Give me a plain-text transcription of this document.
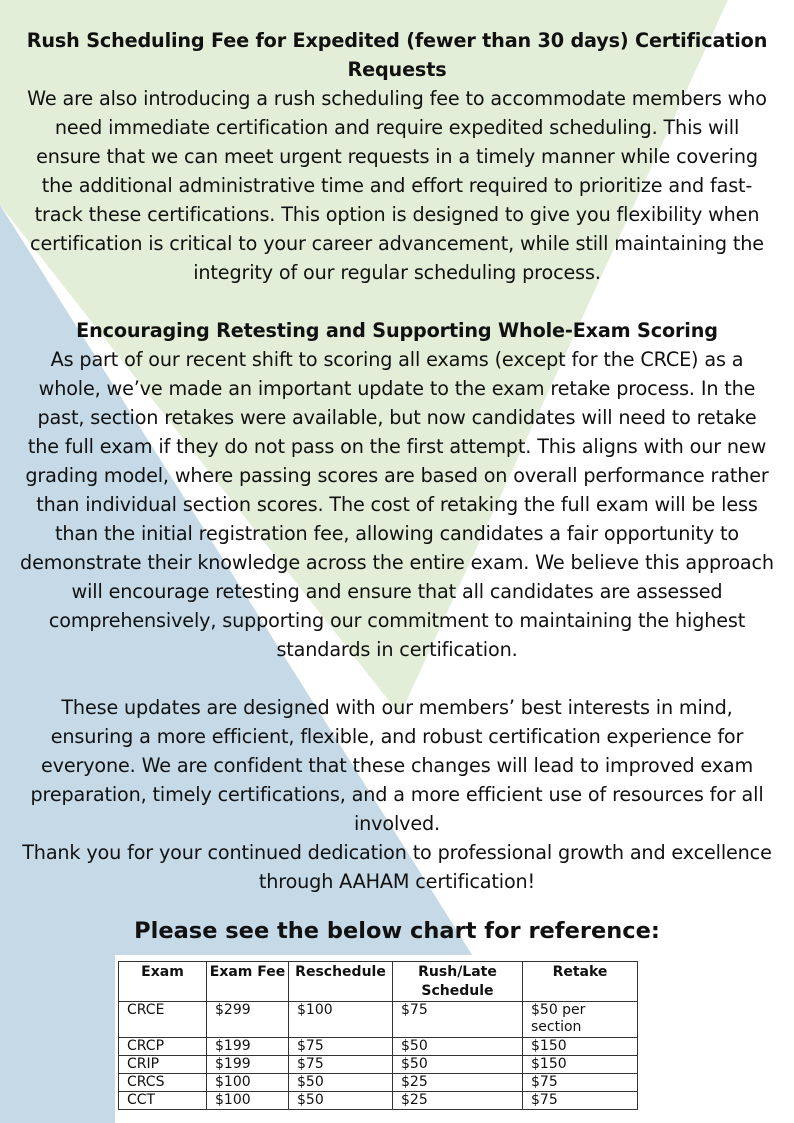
Rush Scheduling Fee for Expedited (fewer than 30 days) Certification Requests

We are also introducing a rush scheduling fee to accommodate members who need immediate certification and require expedited scheduling. This will ensure that we can meet urgent requests in a timely manner while covering the additional administrative time and effort required to prioritize and fast-track these certifications. This option is designed to give you flexibility when certification is critical to your career advancement, while still maintaining the integrity of our regular scheduling process.

Encouraging Retesting and Supporting Whole-Exam Scoring

As part of our recent shift to scoring all exams (except for the CRCE) as a whole, we’ve made an important update to the exam retake process. In the past, section retakes were available, but now candidates will need to retake the full exam if they do not pass on the first attempt. This aligns with our new grading model, where passing scores are based on overall performance rather than individual section scores. The cost of retaking the full exam will be less than the initial registration fee, allowing candidates a fair opportunity to demonstrate their knowledge across the entire exam. We believe this approach will encourage retesting and ensure that all candidates are assessed comprehensively, supporting our commitment to maintaining the highest standards in certification.

These updates are designed with our members’ best interests in mind, ensuring a more efficient, flexible, and robust certification experience for everyone. We are confident that these changes will lead to improved exam preparation, timely certifications, and a more efficient use of resources for all involved.

Thank you for your continued dedication to professional growth and excellence through AAHAM certification!

Please see the below chart for reference:
Exam	Exam Fee	Reschedule	Rush/Late Schedule	Retake
CRCE	$299	$100	$75	$50 per section
CRCP	$199	$75	$50	$150
CRIP	$199	$75	$50	$150
CRCS	$100	$50	$25	$75
CCT	$100	$50	$25	$75
